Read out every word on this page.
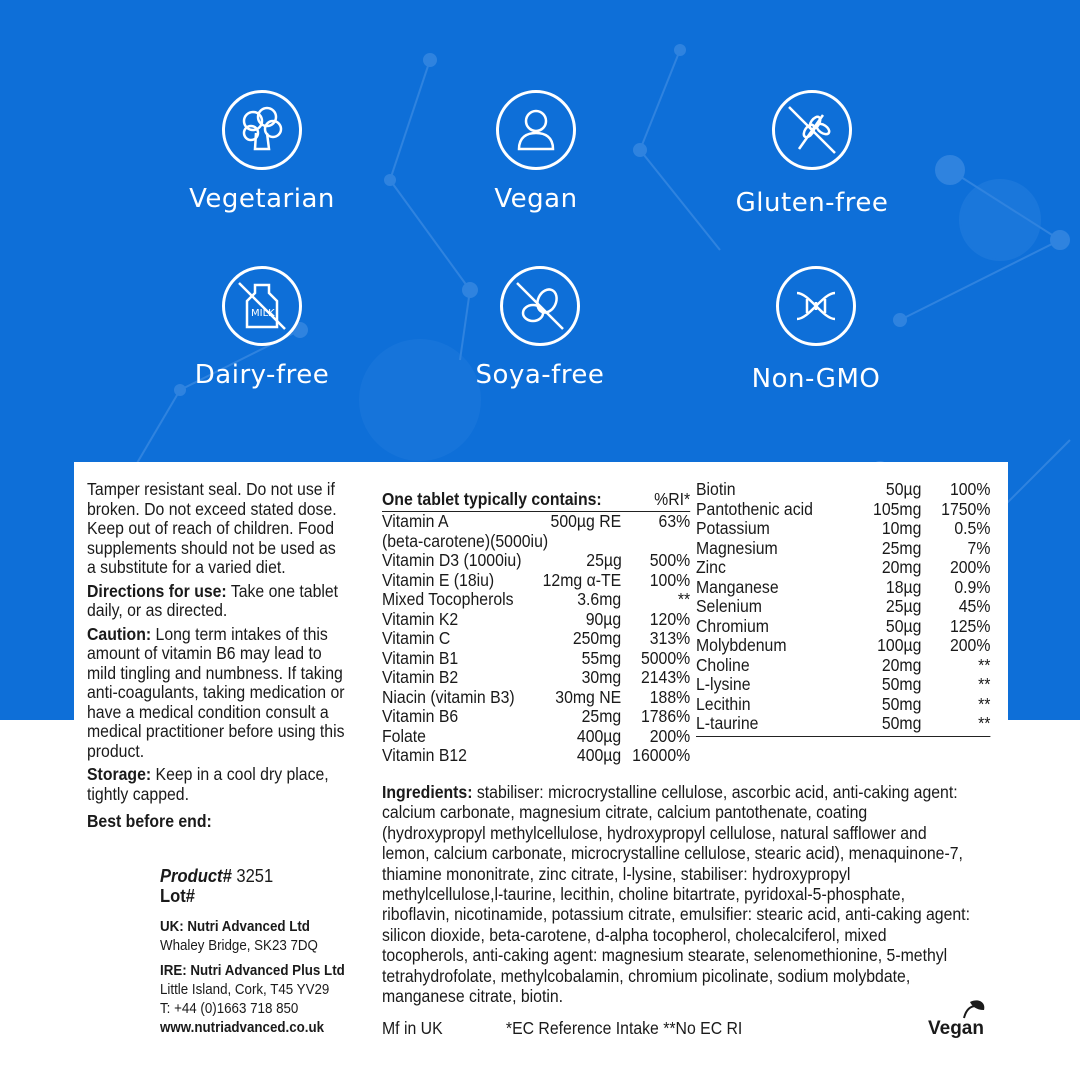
Vegetarian	Vegan	Gluten-free
MILK
Dairy-free	Soya-free	Non-GMO

Tamper resistant seal. Do not use if broken. Do not exceed stated dose. Keep out of reach of children. Food supplements should not be used as a substitute for a varied diet.

Directions for use: Take one tablet daily, or as directed.

Caution: Long term intakes of this amount of vitamin B6 may lead to mild tingling and numbness. If taking anti-coagulants, taking medication or have a medical condition consult a medical practitioner before using this product.

Storage: Keep in a cool dry place, tightly capped.

Best before end:

Product# 3251
Lot#
UK: Nutri Advanced Ltd
Whaley Bridge, SK23 7DQ
IRE: Nutri Advanced Plus Ltd
Little Island, Cork, T45 YV29
T: +44 (0)1663 718 850
www.nutriadvanced.co.uk
One tablet typically contains:	%RI*
Vitamin A	500µg RE	63%
(beta-carotene)(5000iu)
Vitamin D3 (1000iu)	25µg	500%
Vitamin E (18iu)	12mg α-TE	100%
Mixed Tocopherols	3.6mg	**
Vitamin K2	90µg	120%
Vitamin C	250mg	313%
Vitamin B1	55mg	5000%
Vitamin B2	30mg	2143%
Niacin (vitamin B3)	30mg NE	188%
Vitamin B6	25mg	1786%
Folate	400µg	200%
Vitamin B12	400µg 16000%
Biotin	50µg	100%
Pantothenic acid	105mg	1750%
Potassium	10mg	0.5%
Magnesium	25mg	7%
Zinc	20mg	200%
Manganese	18µg	0.9%
Selenium	25µg	45%
Chromium	50µg	125%
Molybdenum	100µg	200%
Choline	20mg	**
L-lysine	50mg	**
Lecithin	50mg	**
L-taurine	50mg	**
Ingredients: stabiliser: microcrystalline cellulose, ascorbic acid, anti-caking agent: calcium carbonate, magnesium citrate, calcium pantothenate, coating (hydroxypropyl methylcellulose, hydroxypropyl cellulose, natural safflower and lemon, calcium carbonate, microcrystalline cellulose, stearic acid), menaquinone-7, thiamine mononitrate, zinc citrate, l-lysine, stabiliser: hydroxypropyl methylcellulose,l-taurine, lecithin, choline bitartrate, pyridoxal-5-phosphate, riboflavin, nicotinamide, potassium citrate, emulsifier: stearic acid, anti-caking agent: silicon dioxide, beta-carotene, d-alpha tocopherol, cholecalciferol, mixed tocopherols, anti-caking agent: magnesium stearate, selenomethionine, 5-methyl tetrahydrofolate, methylcobalamin, chromium picolinate, sodium molybdate, manganese citrate, biotin.
Mf in UK	*EC Reference Intake **No EC RI	Vegan
